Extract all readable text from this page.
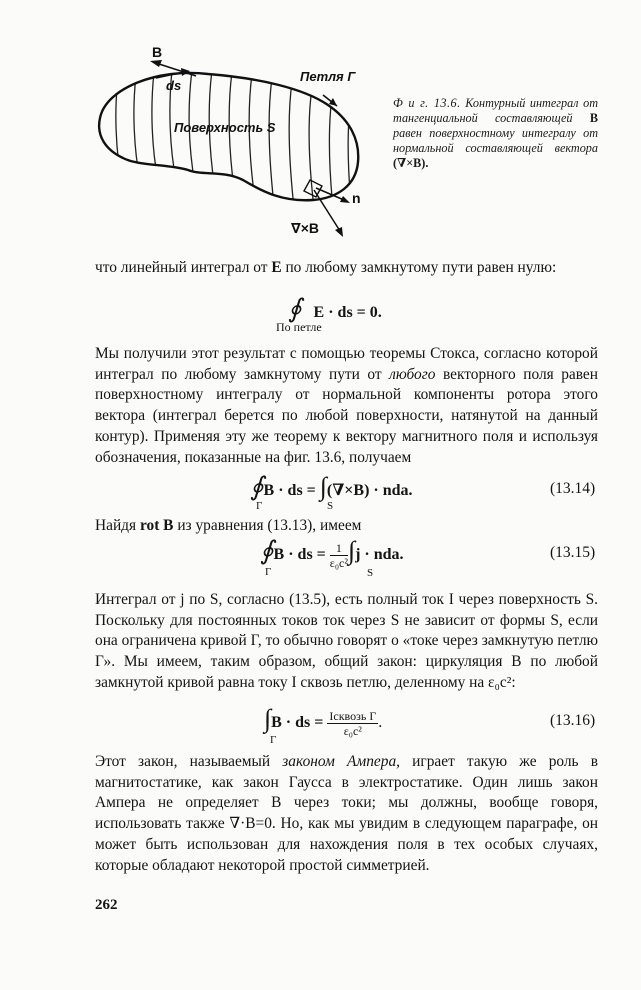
B
ds
Петля Г
Поверхность S
n
∇×B
Ф и г. 13.6. Контурный интеграл от тангенциальной составляющей B равен поверхностному интегралу от нормальной составляющей вектора (∇×B).
что линейный интеграл от E по любому замкнутому пути равен нулю:
∮ E · ds = 0.
По петле
Мы получили этот результат с помощью теоремы Стокса, согласно которой интеграл по любому замкнутому пути от любого векторного поля равен поверхностному интегралу от нормальной компоненты ротора этого вектора (интеграл берется по любой поверхности, натянутой на данный контур). Применяя эту же теорему к вектору магнитного поля и используя обозначения, показанные на фиг. 13.6, получаем
∮B · ds = ∫(∇×B) · nda.
Г	S
(13.14)
Найдя rot B из уравнения (13.13), имеем
∮B · ds = $\frac{1}{\text{ε₀c²}} \int j$ · nda.
Г	S
(13.15)
Интеграл от j по S, согласно (13.5), есть полный ток I через поверхность S. Поскольку для постоянных токов ток через S не зависит от формы S, если она ограничена кривой Г, то обычно говорят о «токе через замкнутую петлю Г». Мы имеем, таким образом, общий закон: циркуляция B по любой замкнутой кривой равна току I сквозь петлю, деленному на ε₀c²:
∫B · ds = $\frac{\text{Iсквозь Г}}{\text{ε₀c²}}$ .
Г
(13.16)
Этот закон, называемый законом Ампера, играет такую же роль в магнитостатике, как закон Гаусса в электростатике. Один лишь закон Ампера не определяет B через токи; мы должны, вообще говоря, использовать также ∇·B=0. Но, как мы увидим в следующем параграфе, он может быть использован для нахождения поля в тех особых случаях, которые обладают некоторой простой симметрией.
262
